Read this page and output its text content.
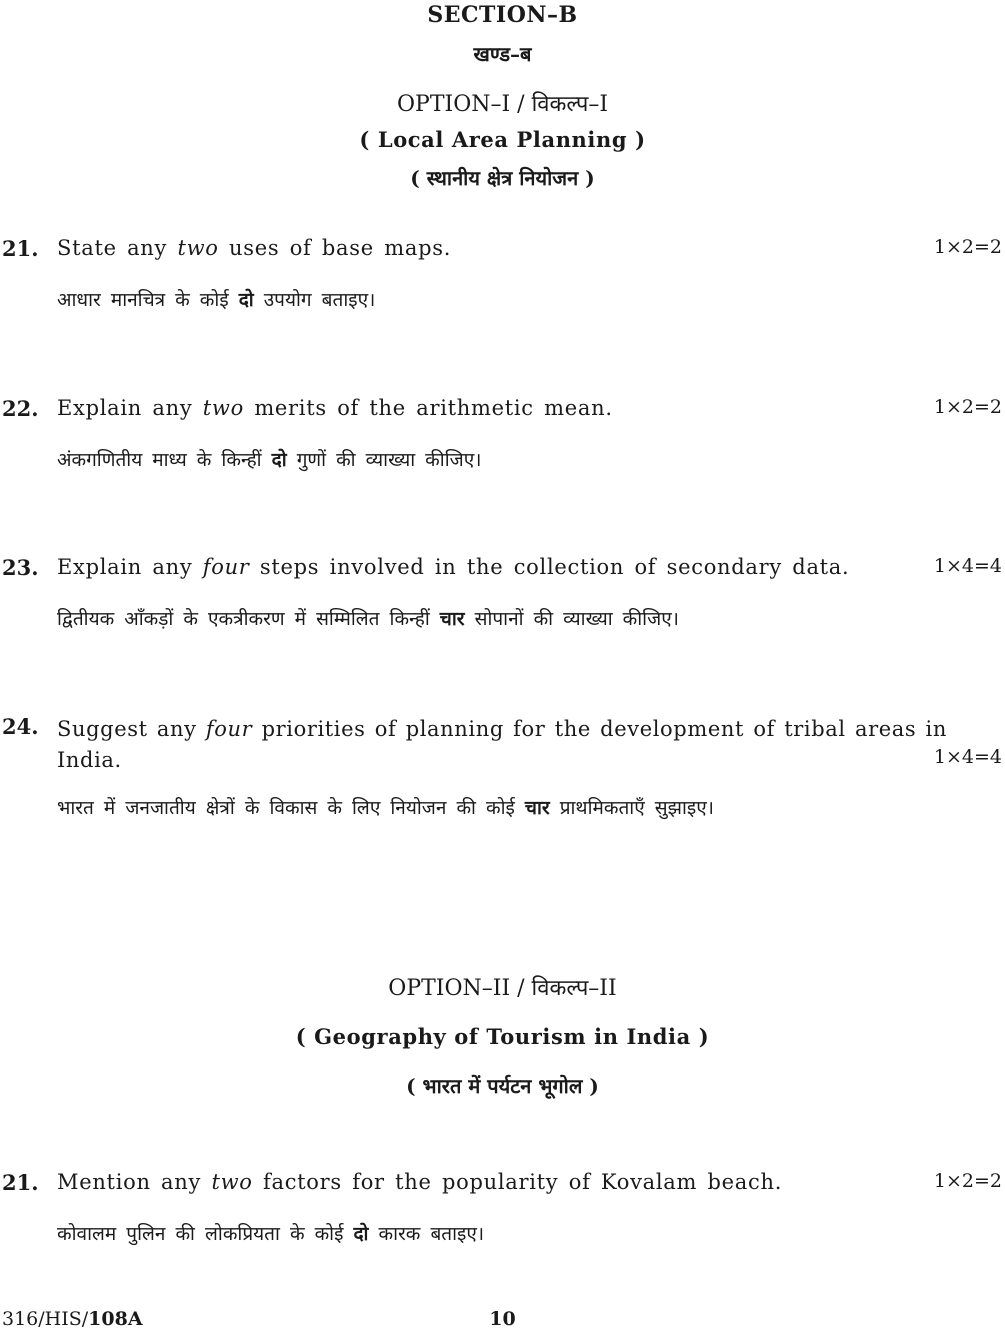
SECTION–B
खण्ड–ब
OPTION–I / विकल्प–I
( Local Area Planning )
( स्थानीय क्षेत्र नियोजन )
21. State any two uses of base maps.	1×2=2
आधार मानचित्र के कोई दो उपयोग बताइए।
22. Explain any two merits of the arithmetic mean.	1×2=2
अंकगणितीय माध्य के किन्हीं दो गुणों की व्याख्या कीजिए।
23. Explain any four steps involved in the collection of secondary data.	1×4=4
द्वितीयक आँकड़ों के एकत्रीकरण में सम्मिलित किन्हीं चार सोपानों की व्याख्या कीजिए।
24. Suggest any four priorities of planning for the development of tribal areas in India.	1×4=4
भारत में जनजातीय क्षेत्रों के विकास के लिए नियोजन की कोई चार प्राथमिकताएँ सुझाइए।
OPTION–II / विकल्प–II
( Geography of Tourism in India )
( भारत में पर्यटन भूगोल )
21. Mention any two factors for the popularity of Kovalam beach.	1×2=2
कोवालम पुलिन की लोकप्रियता के कोई दो कारक बताइए।
316/HIS/108A	10
